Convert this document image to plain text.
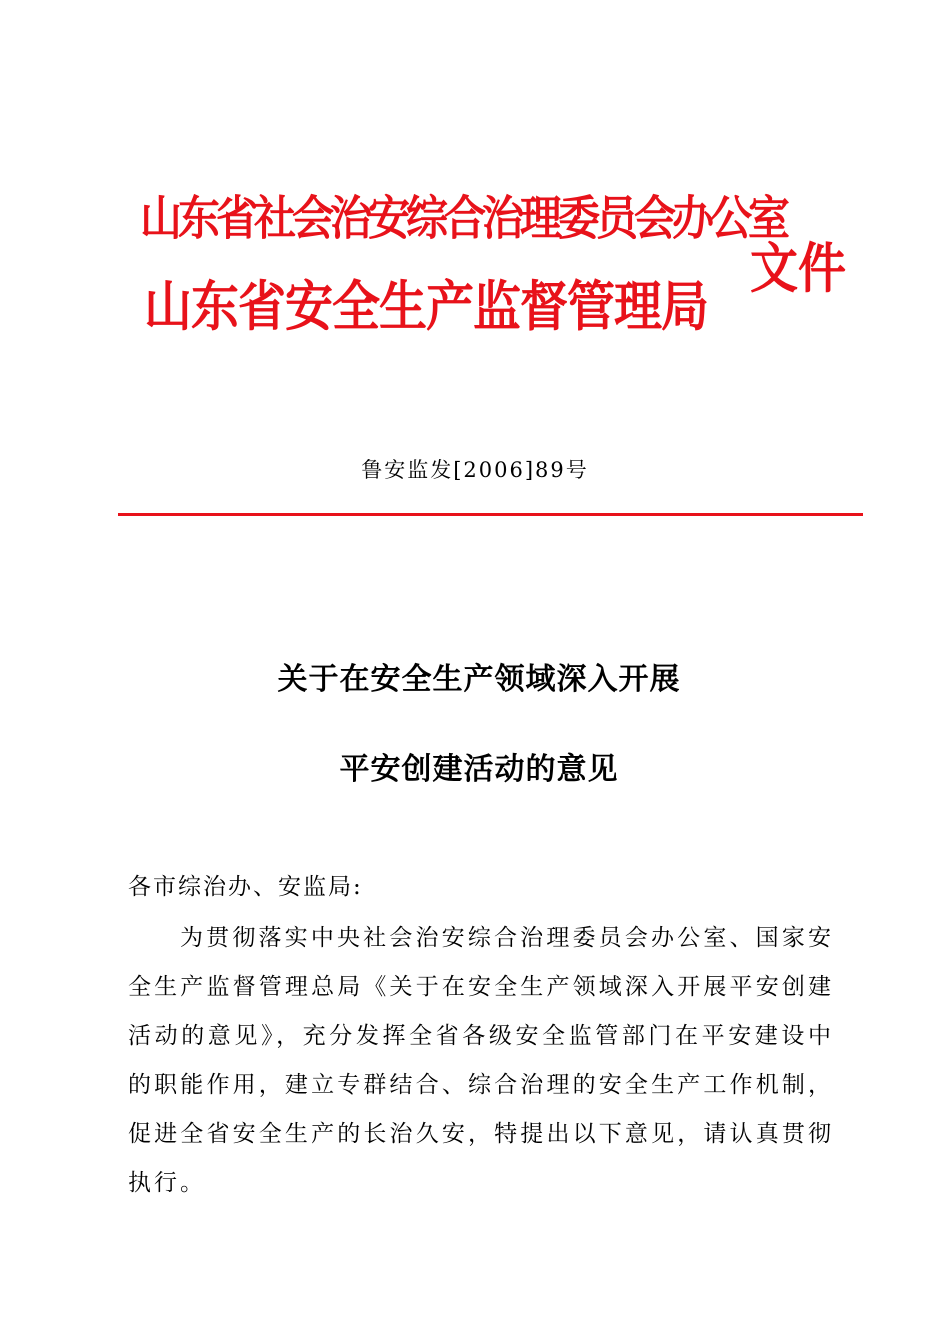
山东省社会治安综合治理委员会办公室
山东省安全生产监督管理局
文件
鲁安监发[2006]89号
关于在安全生产领域深入开展
平安创建活动的意见
各市综治办、安监局:

为贯彻落实中央社会治安综合治理委员会办公室、国家安全生产监督管理总局《关于在安全生产领域深入开展平安创建活动的意见》，充分发挥全省各级安全监管部门在平安建设中的职能作用，建立专群结合、综合治理的安全生产工作机制，促进全省安全生产的长治久安，特提出以下意见，请认真贯彻执行。
